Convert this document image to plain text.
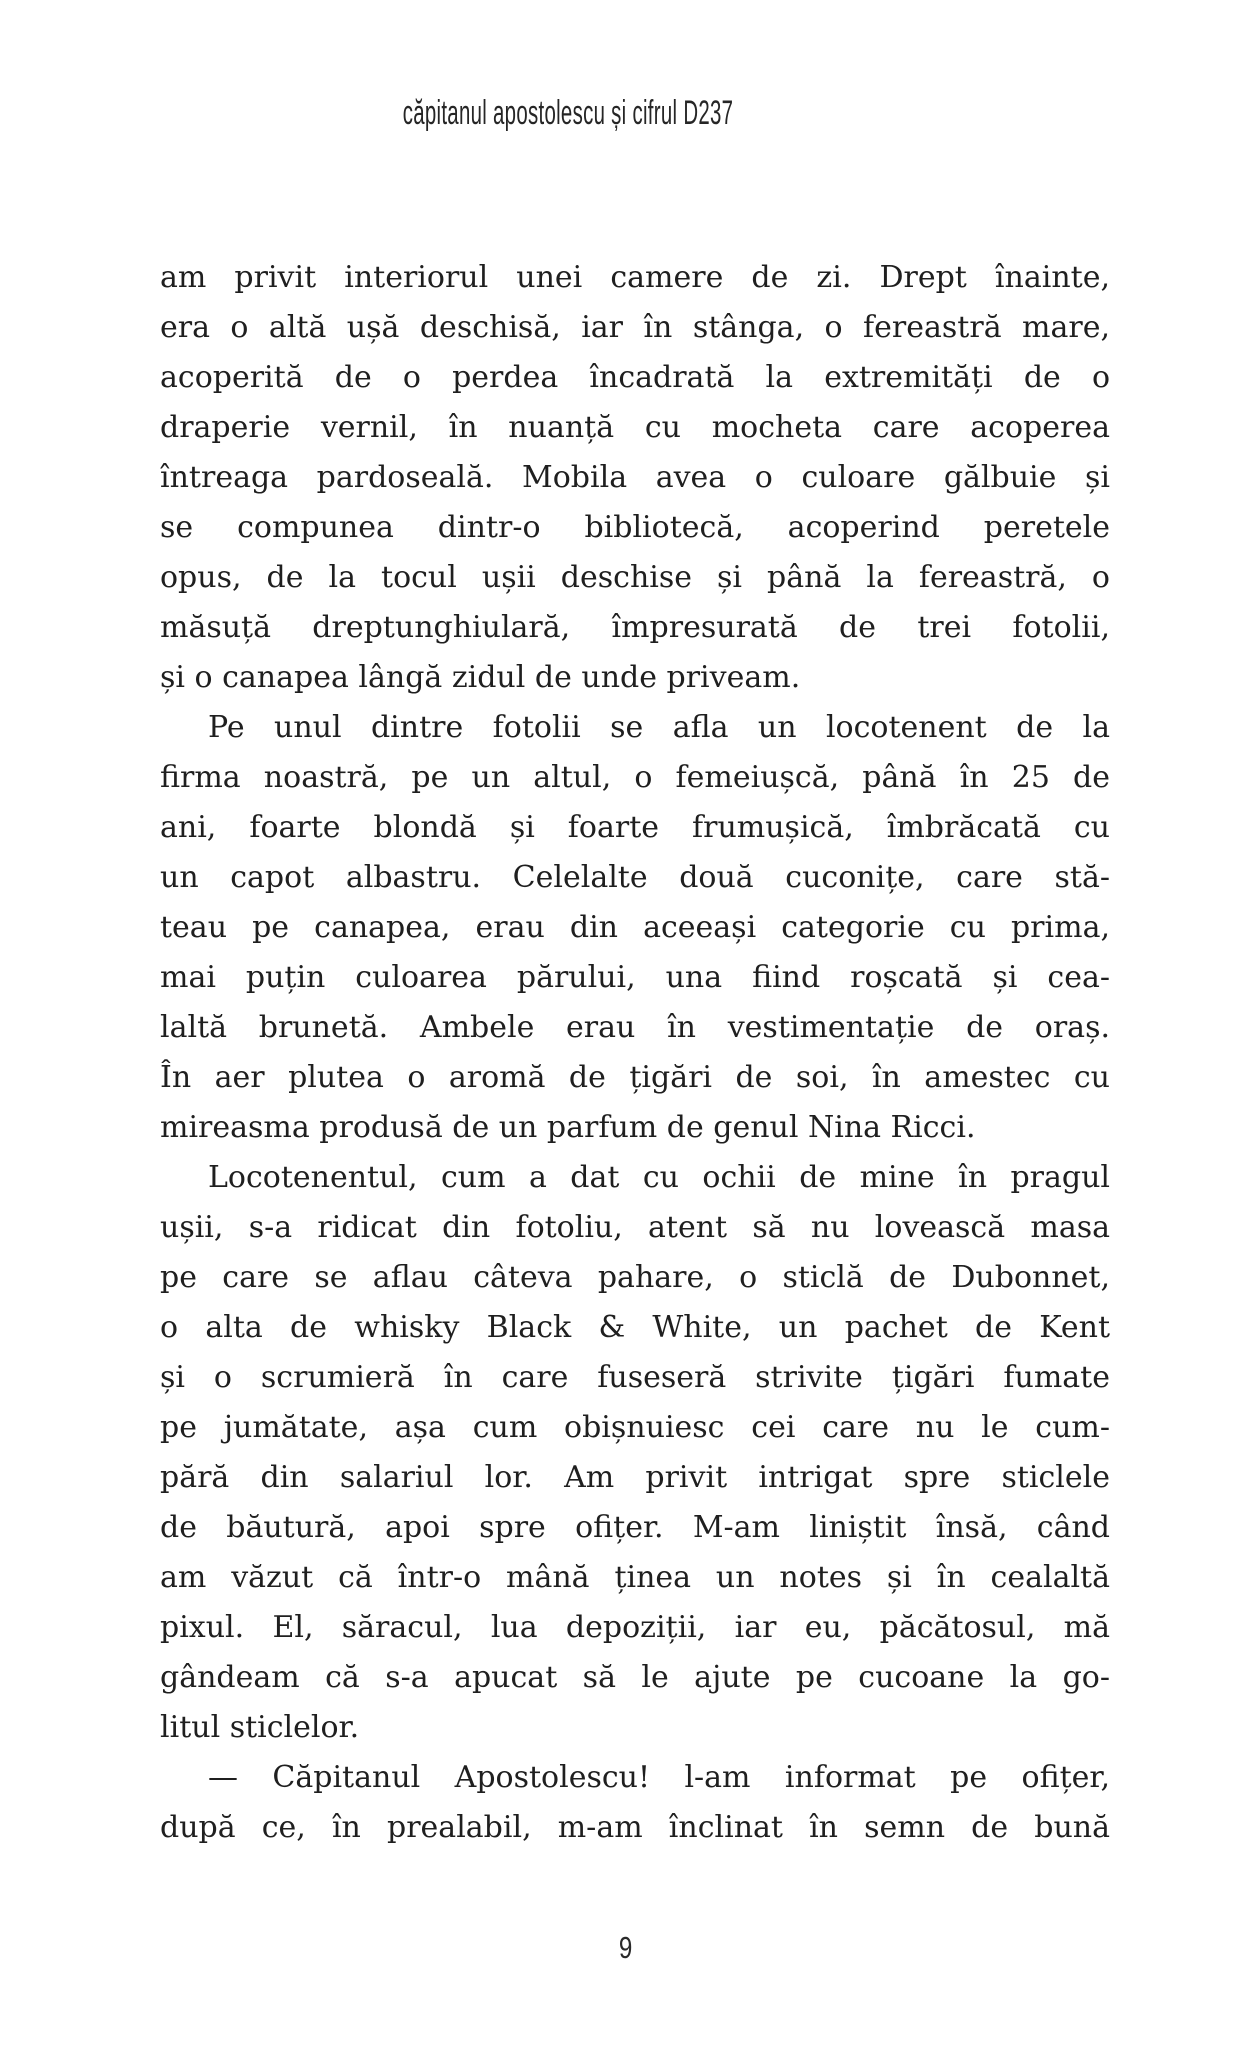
căpitanul apostolescu și cifrul D237
am privit interiorul unei camere de zi. Drept înainte,
era o altă ușă deschisă, iar în stânga, o fereastră mare,
acoperită de o perdea încadrată la extremități de o
draperie vernil, în nuanță cu mocheta care acoperea
întreaga pardoseală. Mobila avea o culoare gălbuie și
se compunea dintr-o bibliotecă, acoperind peretele
opus, de la tocul ușii deschise și până la fereastră, o
măsuță dreptunghiulară, împresurată de trei fotolii,
și o canapea lângă zidul de unde priveam.
Pe unul dintre fotolii se afla un locotenent de la
firma noastră, pe un altul, o femeiușcă, până în 25 de
ani, foarte blondă și foarte frumușică, îmbrăcată cu
un capot albastru. Celelalte două cuconițe, care stă-
teau pe canapea, erau din aceeași categorie cu prima,
mai puțin culoarea părului, una fiind roșcată și cea-
laltă brunetă. Ambele erau în vestimentație de oraș.
În aer plutea o aromă de țigări de soi, în amestec cu
mireasma produsă de un parfum de genul Nina Ricci.
Locotenentul, cum a dat cu ochii de mine în pragul
ușii, s-a ridicat din fotoliu, atent să nu lovească masa
pe care se aflau câteva pahare, o sticlă de Dubonnet,
o alta de whisky Black & White, un pachet de Kent
și o scrumieră în care fuseseră strivite țigări fumate
pe jumătate, așa cum obișnuiesc cei care nu le cum-
pără din salariul lor. Am privit intrigat spre sticlele
de băutură, apoi spre ofițer. M-am liniștit însă, când
am văzut că într-o mână ținea un notes și în cealaltă
pixul. El, săracul, lua depoziții, iar eu, păcătosul, mă
gândeam că s-a apucat să le ajute pe cucoane la go-
litul sticlelor.
— Căpitanul Apostolescu! l-am informat pe ofițer,
după ce, în prealabil, m-am înclinat în semn de bună
9
